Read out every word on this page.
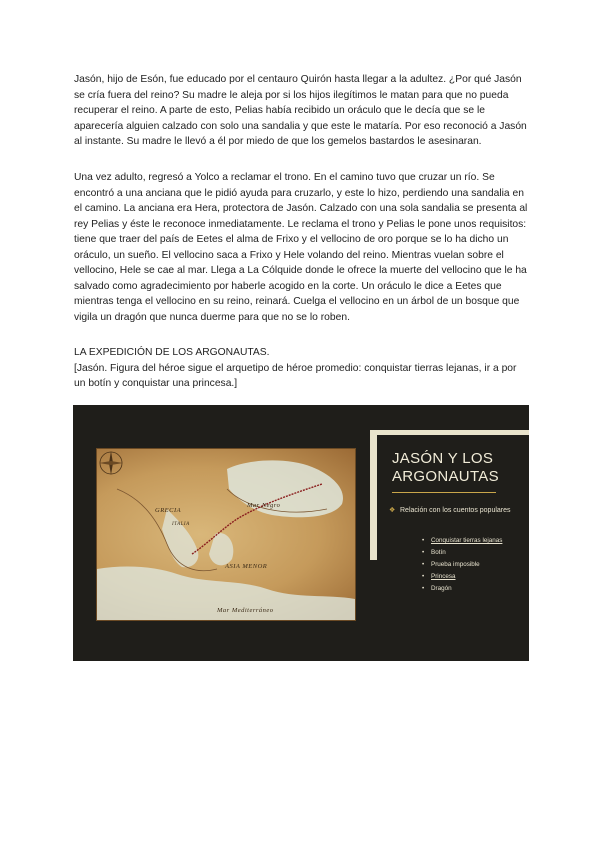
Jasón, hijo de Esón, fue educado por el centauro Quirón hasta llegar a la adultez. ¿Por qué Jasón se cría fuera del reino? Su madre le aleja por si los hijos ilegítimos le matan para que no pueda recuperar el reino. A parte de esto, Pelias había recibido un oráculo que le decía que se le aparecería alguien calzado con solo una sandalia y que este le mataría. Por eso reconoció a Jasón al instante. Su madre le llevó a él por miedo de que los gemelos bastardos le asesinaran.

Una vez adulto, regresó a Yolco a reclamar el trono. En el camino tuvo que cruzar un río. Se encontró a una anciana que le pidió ayuda para cruzarlo, y este lo hizo, perdiendo una sandalia en el camino. La anciana era Hera, protectora de Jasón. Calzado con una sola sandalia se presenta al rey Pelias y éste le reconoce inmediatamente. Le reclama el trono y Pelias le pone unos requisitos: tiene que traer del país de Eetes el alma de Frixo y el vellocino de oro porque se lo ha dicho un oráculo, un sueño. El vellocino saca a Frixo y Hele volando del reino. Mientras vuelan sobre el vellocino, Hele se cae al mar. Llega a La Cólquide donde le ofrece la muerte del vellocino que le ha salvado como agradecimiento por haberle acogido en la corte. Un oráculo le dice a Eetes que mientras tenga el vellocino en su reino, reinará. Cuelga el vellocino en un árbol de un bosque que vigila un dragón que nunca duerme para que no se lo roben.

LA EXPEDICIÓN DE LOS ARGONAUTAS.
[Jasón. Figura del héroe sigue el arquetipo de héroe promedio: conquistar tierras lejanas, ir a por un botín y conquistar una princesa.]

GRECIA
Mar Negro
ITALIA
ASIA MENOR
Mar Mediterráneo
JASÓN Y LOS ARGONAUTAS
❖ Relación con los cuentos populares
• Conquistar tierras lejanas
• Botín
• Prueba imposible
• Princesa
• Dragón
